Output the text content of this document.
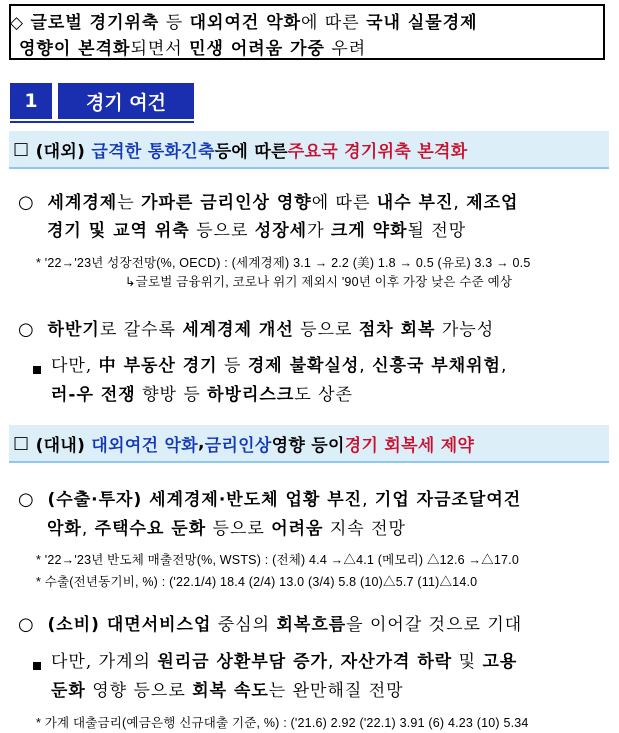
◇ 글로벌 경기위축 등 대외여건 악화에 따른 국내 실물경제
영향이 본격화되면서 민생 어려움 가중 우려
1	경기 여건
□
(대외)
급격한 통화긴축 등에 따른 주요국 경기위축 본격화
○ 세계경제는 가파른 금리인상 영향에 따른 내수 부진, 제조업
경기 및 교역 위축 등으로 성장세가 크게 약화될 전망
* '22→'23년 성장전망(%, OECD) : (세계경제) 3.1 → 2.2 (美) 1.8 → 0.5 (유로) 3.3 → 0.5
↳글로벌 금융위기, 코로나 위기 제외시 '90년 이후 가장 낮은 수준 예상
○ 하반기로 갈수록 세계경제 개선 등으로 점차 회복 가능성
다만, 中 부동산 경기 등 경제 불확실성, 신흥국 부채위험,
러-우 전쟁 향방 등 하방리스크도 상존
□
(대내)
대외여건 악화 , 금리인상 영향 등이 경기 회복세 제약
○ (수출·투자) 세계경제·반도체 업황 부진, 기업 자금조달여건
악화, 주택수요 둔화 등으로 어려움 지속 전망
* '22→'23년 반도체 매출전망(%, WSTS) : (전체) 4.4 →△4.1 (메모리) △12.6 →△17.0
* 수출(전년동기비, %) : ('22.1/4) 18.4 (2/4) 13.0 (3/4) 5.8 (10)△5.7 (11)△14.0
○ (소비) 대면서비스업 중심의 회복흐름을 이어갈 것으로 기대
다만, 가계의 원리금 상환부담 증가, 자산가격 하락 및 고용
둔화 영향 등으로 회복 속도는 완만해질 전망
* 가계 대출금리(예금은행 신규대출 기준, %) : ('21.6) 2.92 ('22.1) 3.91 (6) 4.23 (10) 5.34
